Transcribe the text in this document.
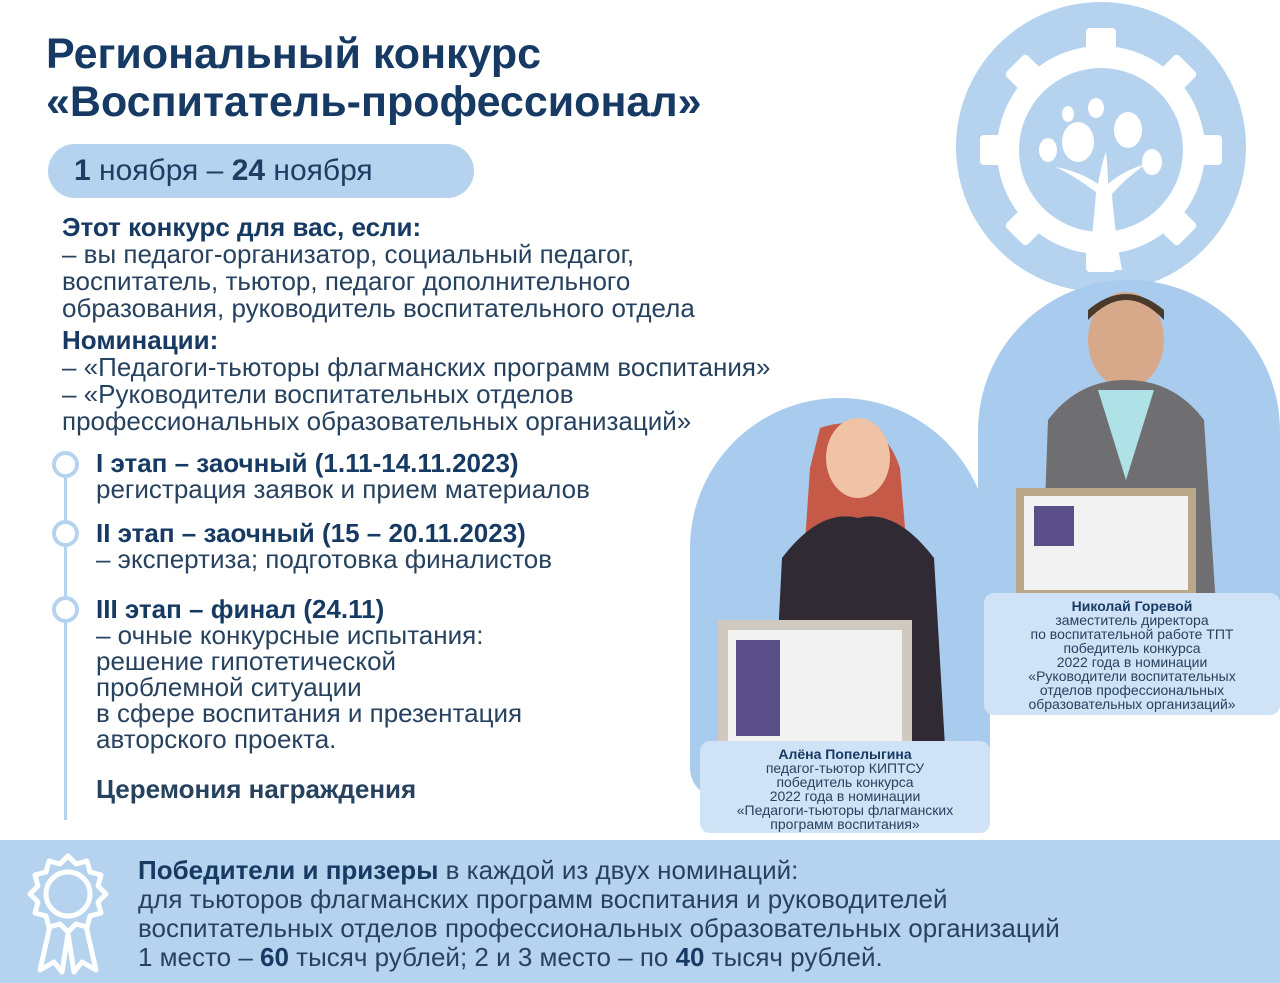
Региональный конкурс
«Воспитатель-профессионал»
1
ноября
–
24
ноября
Этот конкурс для вас, если:
– вы педагог-организатор, социальный педагог,
воспитатель, тьютор, педагог дополнительного
образования, руководитель воспитательного отдела
Номинации:
– «Педагоги-тьюторы флагманских программ воспитания»
– «Руководители воспитательных отделов
профессиональных образовательных организаций»
I этап – заочный (1.11-14.11.2023)
регистрация заявок и прием материалов
II этап – заочный (15 – 20.11.2023)
– экспертиза; подготовка финалистов
III этап – финал (24.11)
– очные конкурсные испытания:
решение гипотетической
проблемной ситуации
в сфере воспитания и презентация
авторского проекта.
Церемония награждения
Николай Горевой
заместитель директора
по воспитательной работе ТПТ
победитель конкурса
2022 года в номинации
«Руководители воспитательных
отделов профессиональных
образовательных организаций»
Алёна Попелыгина
педагог-тьютор КИПТСУ
победитель конкурса
2022 года в номинации
«Педагоги-тьюторы флагманских
программ воспитания»
Победители и призеры в каждой из двух номинаций:
для тьюторов флагманских программ воспитания и руководителей
воспитательных отделов профессиональных образовательных организаций
1 место – 60 тысяч рублей; 2 и 3 место – по 40 тысяч рублей.
